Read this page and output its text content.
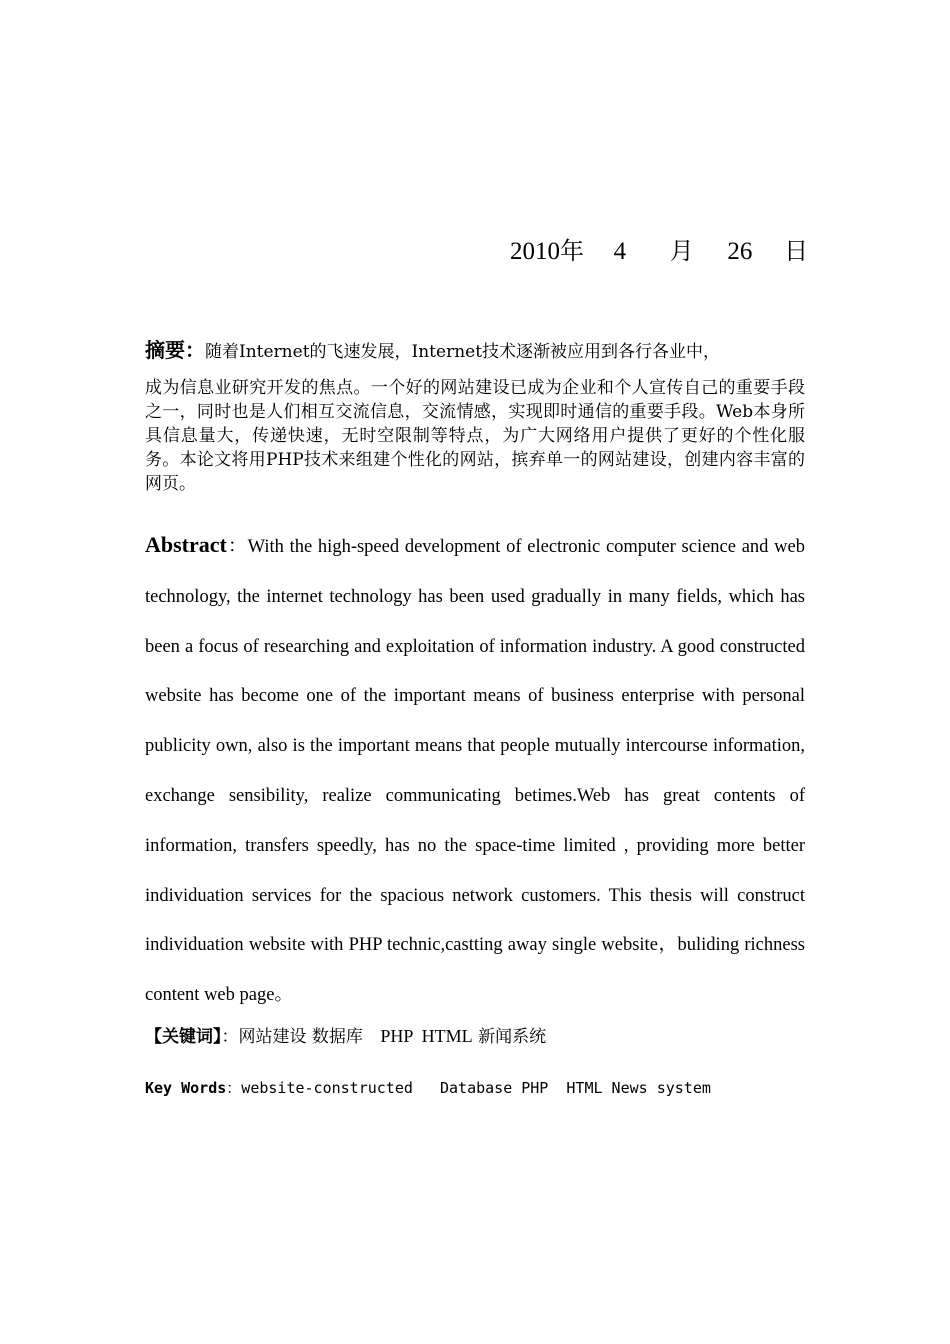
2010年 4 月 26 日
摘要：随着Internet的飞速发展，Internet技术逐渐被应用到各行各业中，
成为信息业研究开发的焦点。一个好的网站建设已成为企业和个人宣传自己的重要手段之一，同时也是人们相互交流信息，交流情感，实现即时通信的重要手段。Web本身所具信息量大，传递快速，无时空限制等特点，为广大网络用户提供了更好的个性化服务。本论文将用PHP技术来组建个性化的网站，摈弃单一的网站建设，创建内容丰富的网页。
Abstract：With the high-speed development of electronic computer science and web technology, the internet technology has been used gradually in many fields, which has been a focus of researching and exploitation of information industry. A good constructed website has become one of the important means of business enterprise with personal publicity own, also is the important means that people mutually intercourse information, exchange sensibility, realize communicating betimes.Web has great contents of information, transfers speedly, has no the space-time limited , providing more better individuation services for the spacious network customers. This thesis will construct individuation website with PHP technic,castting away single website，buliding richness content web page。
【关键词】：网站建设 数据库 PHP  HTML 新闻系统
Key Words：website-constructed   Database PHP  HTML News system
